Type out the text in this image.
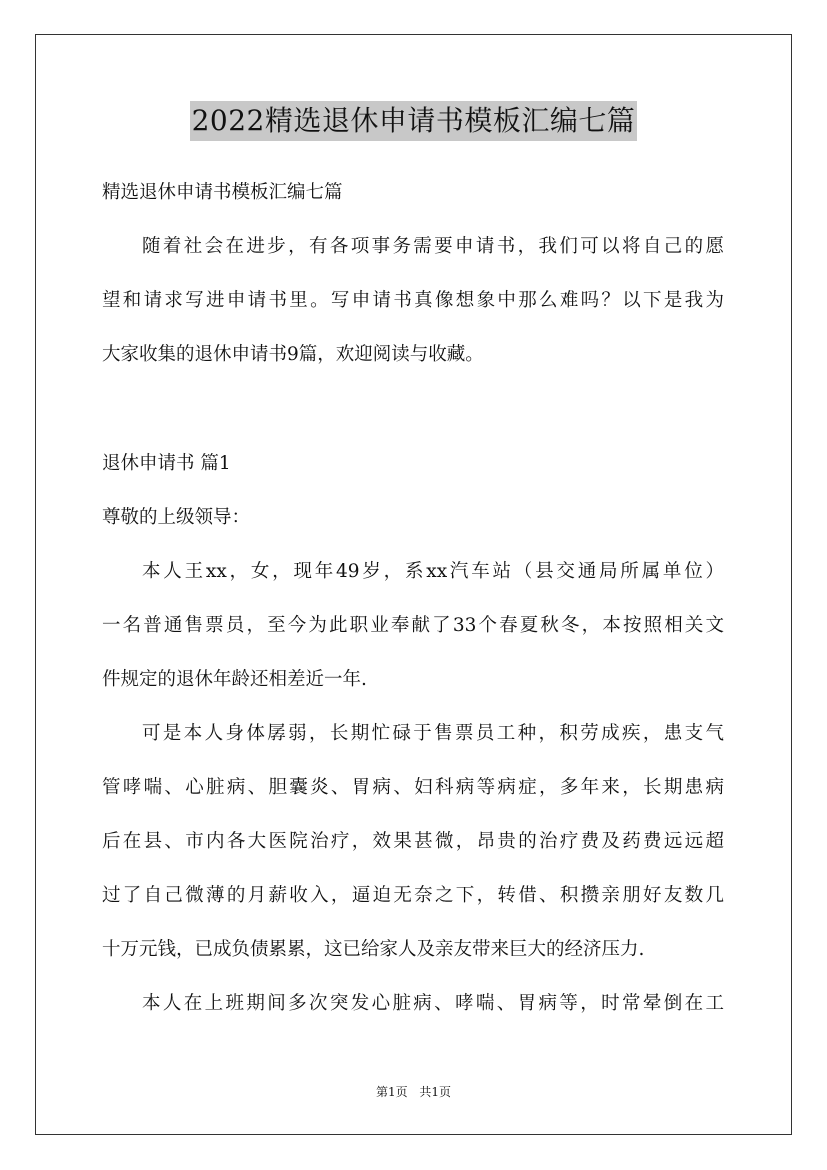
2022精选退休申请书模板汇编七篇
精选退休申请书模板汇编七篇
随着社会在进步，有各项事务需要申请书，我们可以将自己的愿
望和请求写进申请书里。写申请书真像想象中那么难吗？以下是我为
大家收集的退休申请书9篇，欢迎阅读与收藏。
退休申请书 篇1
尊敬的上级领导：
本人王xx，女，现年49岁，系xx汽车站（县交通局所属单位）
一名普通售票员，至今为此职业奉献了33个春夏秋冬，本按照相关文
件规定的退休年龄还相差近一年.
可是本人身体孱弱，长期忙碌于售票员工种，积劳成疾，患支气
管哮喘、心脏病、胆囊炎、胃病、妇科病等病症，多年来，长期患病
后在县、市内各大医院治疗，效果甚微，昂贵的治疗费及药费远远超
过了自己微薄的月薪收入，逼迫无奈之下，转借、积攒亲朋好友数几
十万元钱，已成负债累累，这已给家人及亲友带来巨大的经济压力.
本人在上班期间多次突发心脏病、哮喘、胃病等，时常晕倒在工
第1页 共1页
